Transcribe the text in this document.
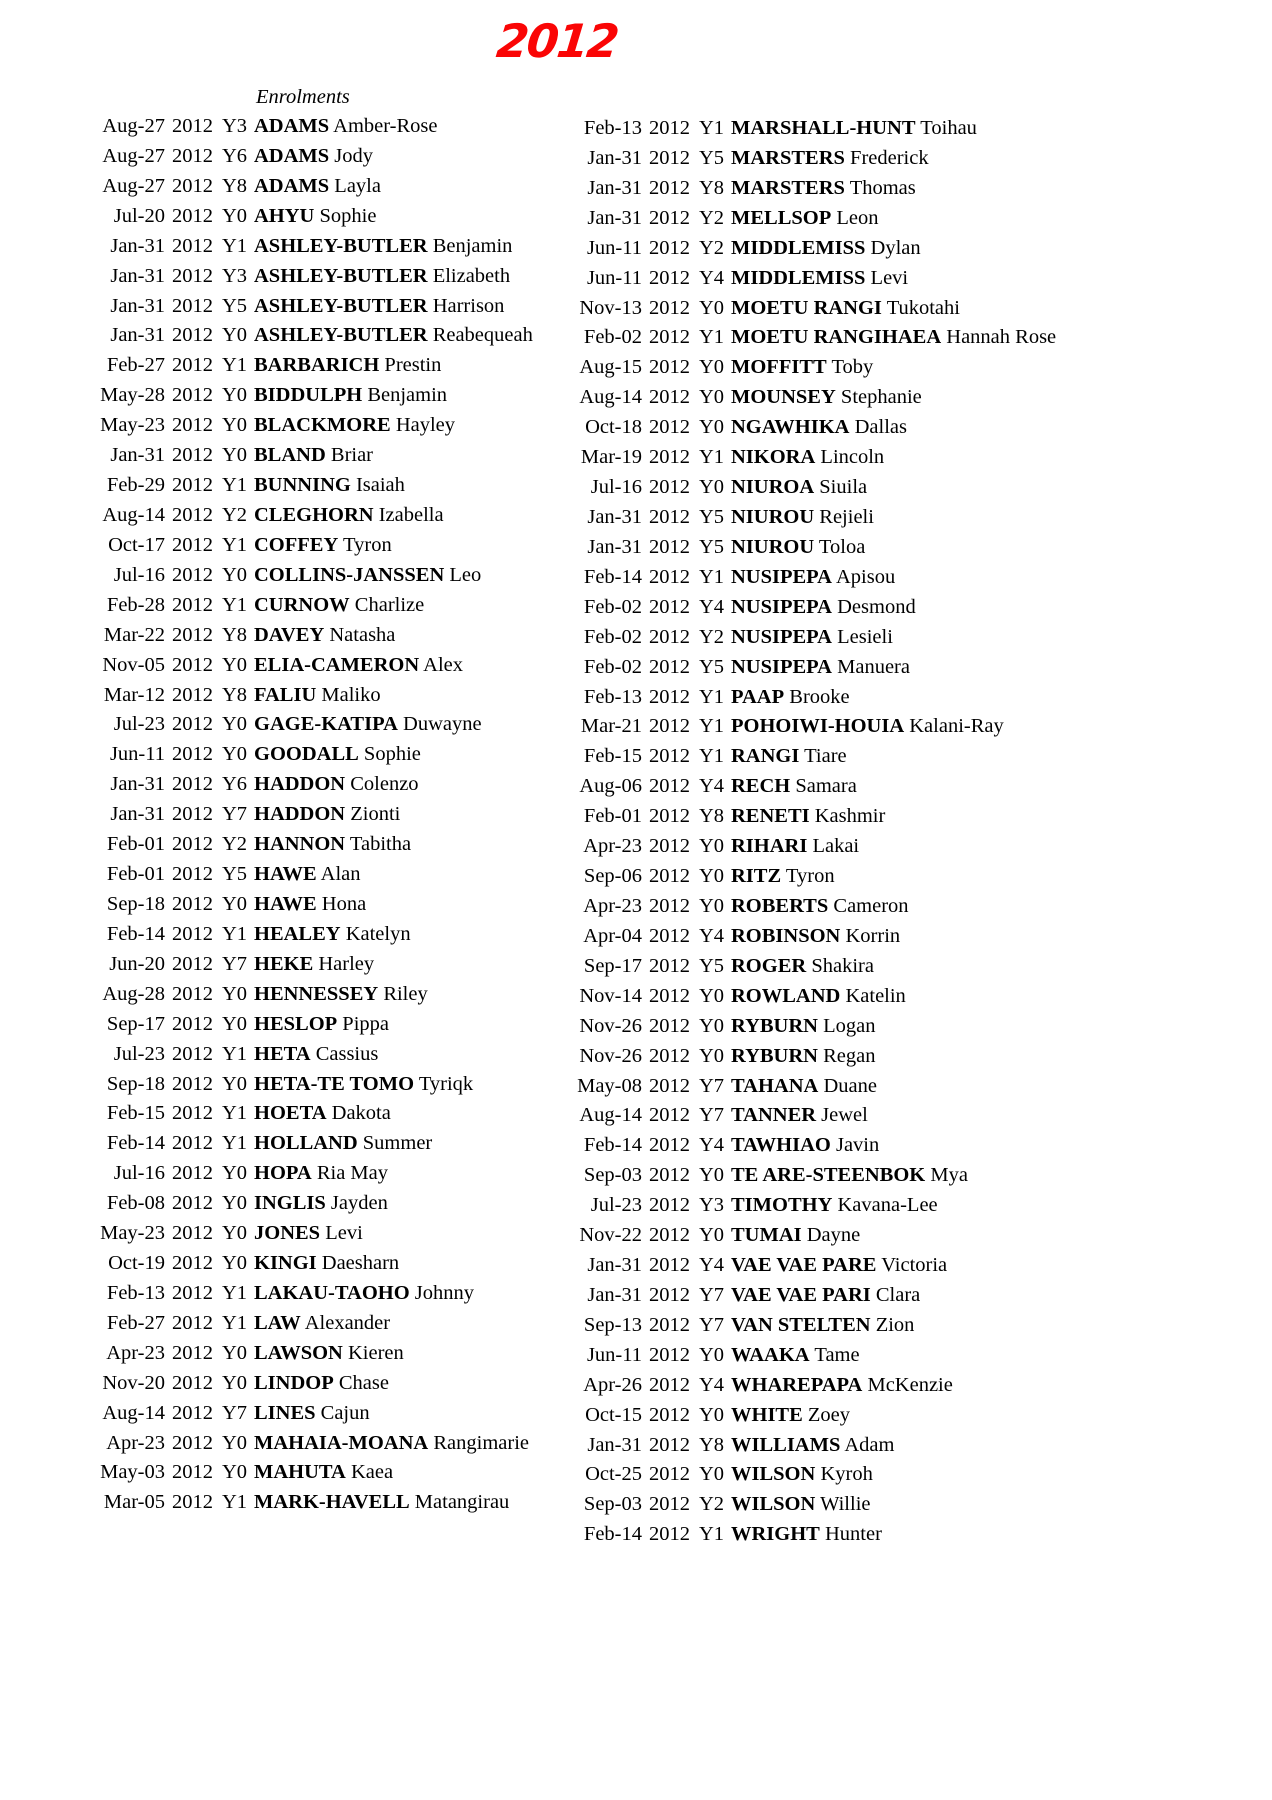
2012
Enrolments
Aug-27 2012 Y3 ADAMS Amber-Rose
Aug-27 2012 Y6 ADAMS Jody
Aug-27 2012 Y8 ADAMS Layla
Jul-20 2012 Y0 AHYU Sophie
Jan-31 2012 Y1 ASHLEY-BUTLER Benjamin
Jan-31 2012 Y3 ASHLEY-BUTLER Elizabeth
Jan-31 2012 Y5 ASHLEY-BUTLER Harrison
Jan-31 2012 Y0 ASHLEY-BUTLER Reabequeah
Feb-27 2012 Y1 BARBARICH Prestin
May-28 2012 Y0 BIDDULPH Benjamin
May-23 2012 Y0 BLACKMORE Hayley
Jan-31 2012 Y0 BLAND Briar
Feb-29 2012 Y1 BUNNING Isaiah
Aug-14 2012 Y2 CLEGHORN Izabella
Oct-17 2012 Y1 COFFEY Tyron
Jul-16 2012 Y0 COLLINS-JANSSEN Leo
Feb-28 2012 Y1 CURNOW Charlize
Mar-22 2012 Y8 DAVEY Natasha
Nov-05 2012 Y0 ELIA-CAMERON Alex
Mar-12 2012 Y8 FALIU Maliko
Jul-23 2012 Y0 GAGE-KATIPA Duwayne
Jun-11 2012 Y0 GOODALL Sophie
Jan-31 2012 Y6 HADDON Colenzo
Jan-31 2012 Y7 HADDON Zionti
Feb-01 2012 Y2 HANNON Tabitha
Feb-01 2012 Y5 HAWE Alan
Sep-18 2012 Y0 HAWE Hona
Feb-14 2012 Y1 HEALEY Katelyn
Jun-20 2012 Y7 HEKE Harley
Aug-28 2012 Y0 HENNESSEY Riley
Sep-17 2012 Y0 HESLOP Pippa
Jul-23 2012 Y1 HETA Cassius
Sep-18 2012 Y0 HETA-TE TOMO Tyriqk
Feb-15 2012 Y1 HOETA Dakota
Feb-14 2012 Y1 HOLLAND Summer
Jul-16 2012 Y0 HOPA Ria May
Feb-08 2012 Y0 INGLIS Jayden
May-23 2012 Y0 JONES Levi
Oct-19 2012 Y0 KINGI Daesharn
Feb-13 2012 Y1 LAKAU-TAOHO Johnny
Feb-27 2012 Y1 LAW Alexander
Apr-23 2012 Y0 LAWSON Kieren
Nov-20 2012 Y0 LINDOP Chase
Aug-14 2012 Y7 LINES Cajun
Apr-23 2012 Y0 MAHAIA-MOANA Rangimarie
May-03 2012 Y0 MAHUTA Kaea
Mar-05 2012 Y1 MARK-HAVELL Matangirau
Feb-13 2012 Y1 MARSHALL-HUNT Toihau
Jan-31 2012 Y5 MARSTERS Frederick
Jan-31 2012 Y8 MARSTERS Thomas
Jan-31 2012 Y2 MELLSOP Leon
Jun-11 2012 Y2 MIDDLEMISS Dylan
Jun-11 2012 Y4 MIDDLEMISS Levi
Nov-13 2012 Y0 MOETU RANGI Tukotahi
Feb-02 2012 Y1 MOETU RANGIHAEA Hannah Rose
Aug-15 2012 Y0 MOFFITT Toby
Aug-14 2012 Y0 MOUNSEY Stephanie
Oct-18 2012 Y0 NGAWHIKA Dallas
Mar-19 2012 Y1 NIKORA Lincoln
Jul-16 2012 Y0 NIUROA Siuila
Jan-31 2012 Y5 NIUROU Rejieli
Jan-31 2012 Y5 NIUROU Toloa
Feb-14 2012 Y1 NUSIPEPA Apisou
Feb-02 2012 Y4 NUSIPEPA Desmond
Feb-02 2012 Y2 NUSIPEPA Lesieli
Feb-02 2012 Y5 NUSIPEPA Manuera
Feb-13 2012 Y1 PAAP Brooke
Mar-21 2012 Y1 POHOIWI-HOUIA Kalani-Ray
Feb-15 2012 Y1 RANGI Tiare
Aug-06 2012 Y4 RECH Samara
Feb-01 2012 Y8 RENETI Kashmir
Apr-23 2012 Y0 RIHARI Lakai
Sep-06 2012 Y0 RITZ Tyron
Apr-23 2012 Y0 ROBERTS Cameron
Apr-04 2012 Y4 ROBINSON Korrin
Sep-17 2012 Y5 ROGER Shakira
Nov-14 2012 Y0 ROWLAND Katelin
Nov-26 2012 Y0 RYBURN Logan
Nov-26 2012 Y0 RYBURN Regan
May-08 2012 Y7 TAHANA Duane
Aug-14 2012 Y7 TANNER Jewel
Feb-14 2012 Y4 TAWHIAO Javin
Sep-03 2012 Y0 TE ARE-STEENBOK Mya
Jul-23 2012 Y3 TIMOTHY Kavana-Lee
Nov-22 2012 Y0 TUMAI Dayne
Jan-31 2012 Y4 VAE VAE PARE Victoria
Jan-31 2012 Y7 VAE VAE PARI Clara
Sep-13 2012 Y7 VAN STELTEN Zion
Jun-11 2012 Y0 WAAKA Tame
Apr-26 2012 Y4 WHAREPAPA McKenzie
Oct-15 2012 Y0 WHITE Zoey
Jan-31 2012 Y8 WILLIAMS Adam
Oct-25 2012 Y0 WILSON Kyroh
Sep-03 2012 Y2 WILSON Willie
Feb-14 2012 Y1 WRIGHT Hunter
